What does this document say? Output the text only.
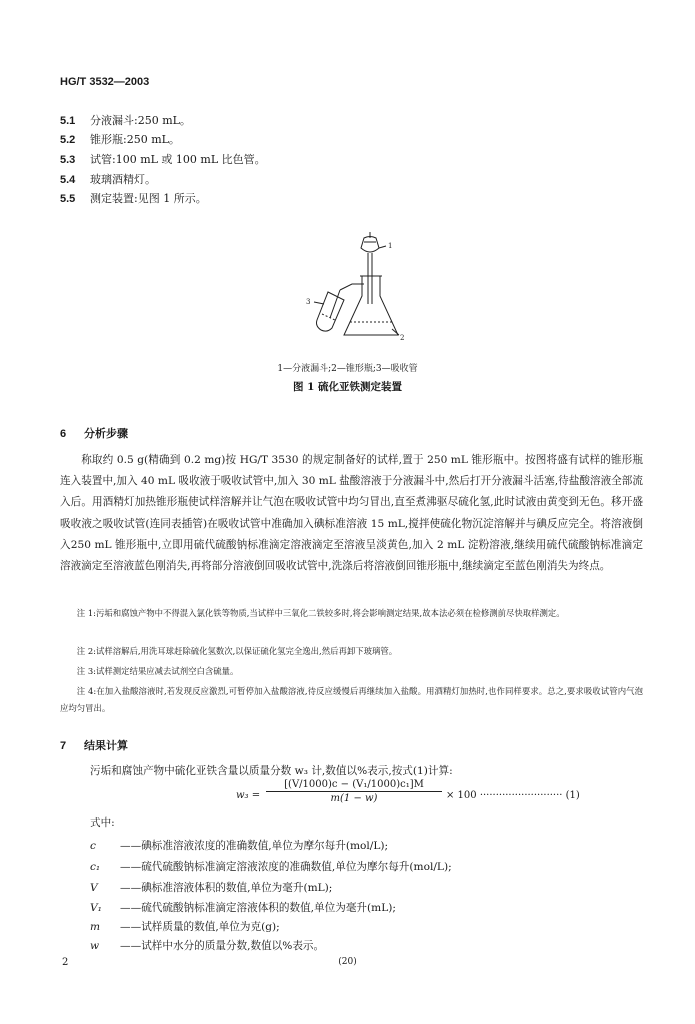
HG/T 3532—2003
5.1 分液漏斗:250 mL。
5.2 锥形瓶:250 mL。
5.3 试管:100 mL 或 100 mL 比色管。
5.4 玻璃酒精灯。
5.5 测定装置:见图 1 所示。
1
2
3
1—分液漏斗;2—锥形瓶;3—吸收管
图 1 硫化亚铁测定装置
6 分析步骤

称取约 0.5 g(精确到 0.2 mg)按 HG/T 3530 的规定制备好的试样,置于 250 mL 锥形瓶中。按图将盛有试样的锥形瓶连入装置中,加入 40 mL 吸收液于吸收试管中,加入 30 mL 盐酸溶液于分液漏斗中,然后打开分液漏斗活塞,待盐酸溶液全部流入后。用酒精灯加热锥形瓶使试样溶解并让气泡在吸收试管中均匀冒出,直至煮沸驱尽硫化氢,此时试液由黄变到无色。移开盛吸收液之吸收试管(连同表插管)在吸收试管中准确加入碘标准溶液 15 mL,搅拌使硫化物沉淀溶解并与碘反应完全。将溶液倒入250 mL 锥形瓶中,立即用硫代硫酸钠标准滴定溶液滴定至溶液呈淡黄色,加入 2 mL 淀粉溶液,继续用硫代硫酸钠标准滴定溶液滴定至溶液蓝色刚消失,再将部分溶液倒回吸收试管中,洗涤后将溶液倒回锥形瓶中,继续滴定至蓝色刚消失为终点。

注 1:污垢和腐蚀产物中不得混入氯化铁等物质,当试样中三氧化二铁较多时,将会影响测定结果,故本法必须在检修测前尽快取样测定。

注 2:试样溶解后,用洗耳球赶除硫化氢数次,以保证硫化氢完全逸出,然后再卸下玻璃管。

注 3:试样测定结果应减去试剂空白含硫量。

注 4:在加入盐酸溶液时,若发现反应激烈,可暂停加入盐酸溶液,待反应缓慢后再继续加入盐酸。用酒精灯加热时,也作同样要求。总之,要求吸收试管内气泡应均匀冒出。

7 结果计算
污垢和腐蚀产物中硫化亚铁含量以质量分数 w₃ 计,数值以%表示,按式(1)计算:
$w_3 = \frac{\text{[(V/1000)c − (V₁/1000)c₁]M}}{m(1 - w)} \times 100$ ·························· (1)
式中:
c ——碘标准溶液浓度的准确数值,单位为摩尔每升(mol/L);
c₁ ——硫代硫酸钠标准滴定溶液浓度的准确数值,单位为摩尔每升(mol/L);
V ——碘标准溶液体积的数值,单位为毫升(mL);
V₁ ——硫代硫酸钠标准滴定溶液体积的数值,单位为毫升(mL);
m ——试样质量的数值,单位为克(g);
w ——试样中水分的质量分数,数值以%表示。
2	(20)
